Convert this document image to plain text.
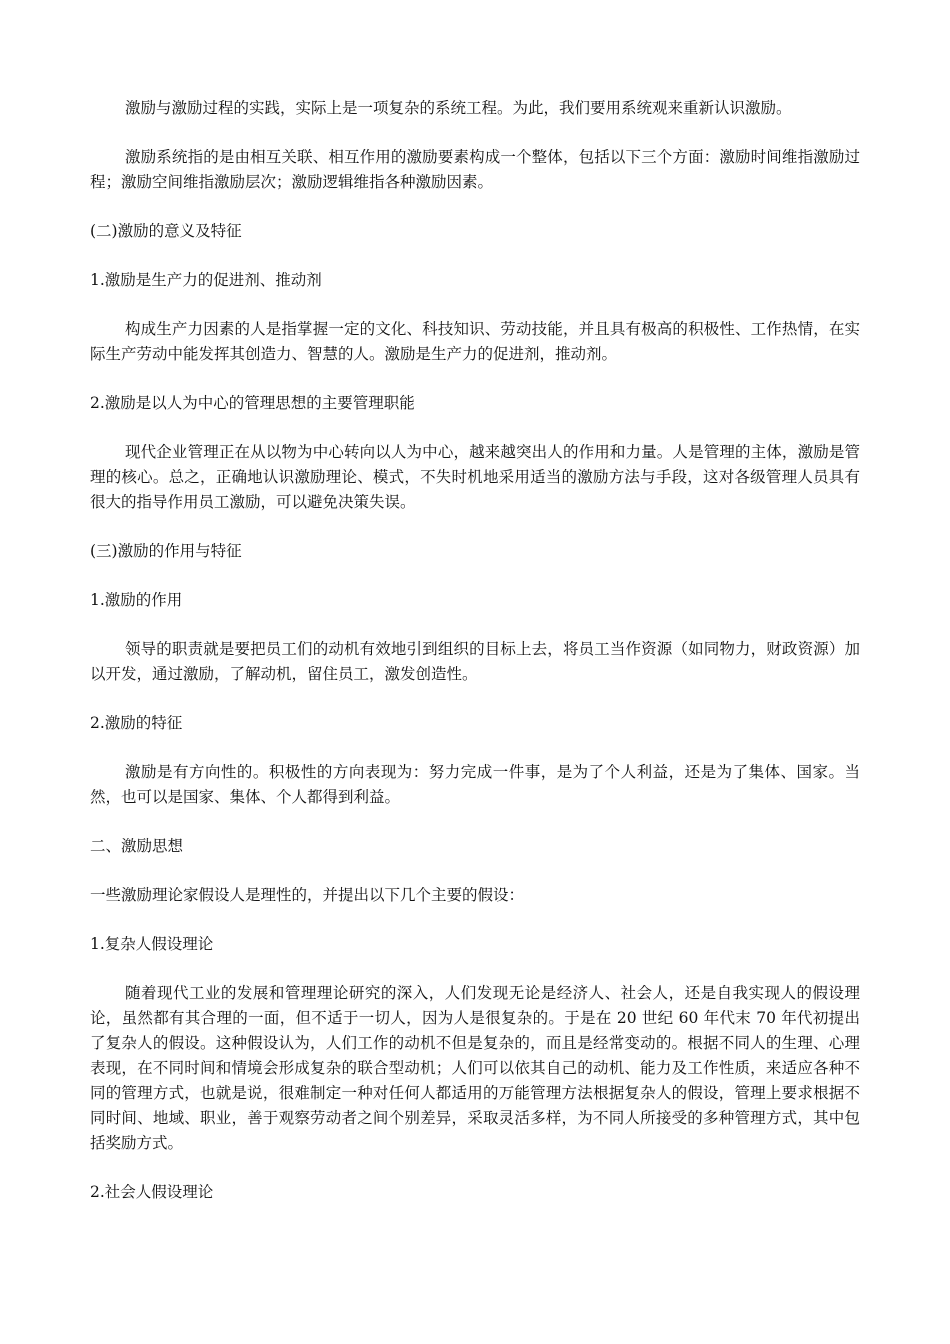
激励与激励过程的实践，实际上是一项复杂的系统工程。为此，我们要用系统观来重新认识激励。

激励系统指的是由相互关联、相互作用的激励要素构成一个整体，包括以下三个方面：激励时间维指激励过程；激励空间维指激励层次；激励逻辑维指各种激励因素。

(二)激励的意义及特征

1.激励是生产力的促进剂、推动剂

构成生产力因素的人是指掌握一定的文化、科技知识、劳动技能，并且具有极高的积极性、工作热情，在实际生产劳动中能发挥其创造力、智慧的人。激励是生产力的促进剂，推动剂。

2.激励是以人为中心的管理思想的主要管理职能

现代企业管理正在从以物为中心转向以人为中心，越来越突出人的作用和力量。人是管理的主体，激励是管理的核心。总之，正确地认识激励理论、模式，不失时机地采用适当的激励方法与手段，这对各级管理人员具有很大的指导作用员工激励，可以避免决策失误。

(三)激励的作用与特征

1.激励的作用

领导的职责就是要把员工们的动机有效地引到组织的目标上去，将员工当作资源（如同物力，财政资源）加以开发，通过激励，了解动机，留住员工，激发创造性。

2.激励的特征

激励是有方向性的。积极性的方向表现为：努力完成一件事，是为了个人利益，还是为了集体、国家。当然，也可以是国家、集体、个人都得到利益。

二、激励思想

一些激励理论家假设人是理性的，并提出以下几个主要的假设：

1.复杂人假设理论

随着现代工业的发展和管理理论研究的深入，人们发现无论是经济人、社会人，还是自我实现人的假设理论，虽然都有其合理的一面，但不适于一切人，因为人是很复杂的。于是在 20 世纪 60 年代末 70 年代初提出了复杂人的假设。这种假设认为，人们工作的动机不但是复杂的，而且是经常变动的。根据不同人的生理、心理表现，在不同时间和情境会形成复杂的联合型动机；人们可以依其自己的动机、能力及工作性质，来适应各种不同的管理方式，也就是说，很难制定一种对任何人都适用的万能管理方法根据复杂人的假设，管理上要求根据不同时间、地域、职业，善于观察劳动者之间个别差异，采取灵活多样，为不同人所接受的多种管理方式，其中包括奖励方式。

2.社会人假设理论
